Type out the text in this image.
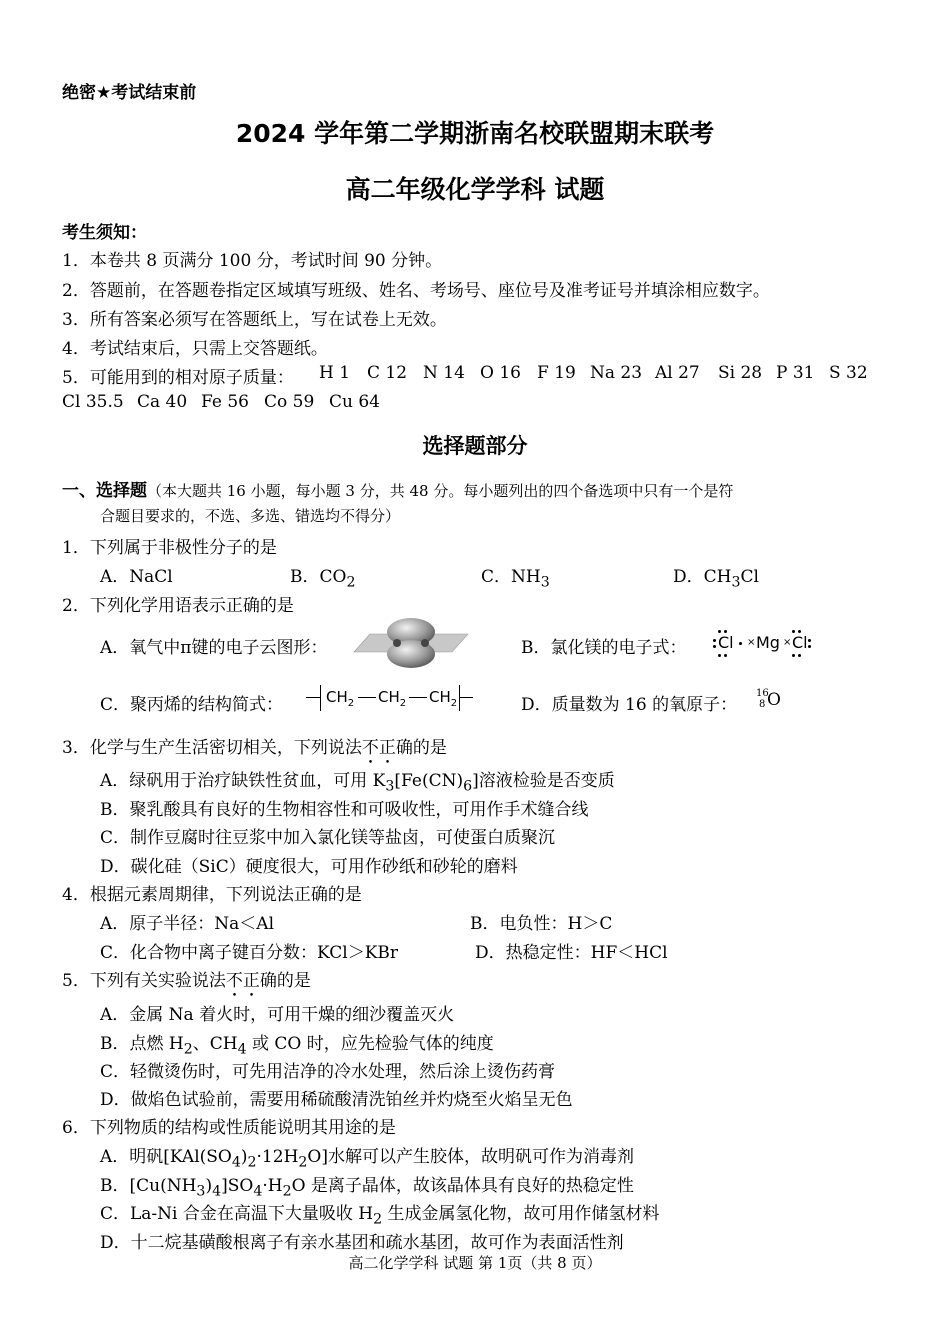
绝密★考试结束前
2024 学年第二学期浙南名校联盟期末联考
高二年级化学学科 试题
考生须知：
1．本卷共 8 页满分 100 分，考试时间 90 分钟。
2．答题前，在答题卷指定区域填写班级、姓名、考场号、座位号及准考证号并填涂相应数字。
3．所有答案必须写在答题纸上，写在试卷上无效。
4．考试结束后，只需上交答题纸。
5．可能用到的相对原子质量： H 1 C 12 N 14 O 16 F 19 Na 23 Al 27 Si 28 P 31 S 32
Cl 35.5 Ca 40 Fe 56 Co 59 Cu 64
选择题部分
一、选择题（本大题共 16 小题，每小题 3 分，共 48 分。每小题列出的四个备选项中只有一个是符
合题目要求的，不选、多选、错选均不得分）
1．下列属于非极性分子的是
A．NaCl	B．$CO_2$	C．$NH_3$	D．$CH_3Cl$
2．下列化学用语表示正确的是
A．氧气中π键的电子云图形：	B．氯化镁的电子式： Cl Mg Cl
×	×
C．聚丙烯的结构简式：	$CH_2$ $CH_2$ $CH_2$	D．质量数为 16 的氧原子：
16
8 O
3．化学与生产生活密切相关，下列说法不正确的是
A．绿矾用于治疗缺铁性贫血，可用 $K_3[Fe(CN)_6]$溶液检验是否变质
B．聚乳酸具有良好的生物相容性和可吸收性，可用作手术缝合线
C．制作豆腐时往豆浆中加入氯化镁等盐卤，可使蛋白质聚沉
D．碳化硅（SiC）硬度很大，可用作砂纸和砂轮的磨料
4．根据元素周期律，下列说法正确的是
A．原子半径：Na＜Al	B．电负性：H＞C
C．化合物中离子键百分数：KCl＞KBr	D．热稳定性：HF＜HCl
5．下列有关实验说法不正确的是
A．金属 Na 着火时，可用干燥的细沙覆盖灭火
B．点燃 $H_2$、$CH_4$ 或 CO 时，应先检验气体的纯度
C．轻微烫伤时，可先用洁净的冷水处理，然后涂上烫伤药膏
D．做焰色试验前，需要用稀硫酸清洗铂丝并灼烧至火焰呈无色
6．下列物质的结构或性质能说明其用途的是
A．明矾$[KAl(SO_4)_2\cdot 12H_2O]$水解可以产生胶体，故明矾可作为消毒剂
B．$[Cu(NH_3)_4]SO_4\cdot H_2O$ 是离子晶体，故该晶体具有良好的热稳定性
C．La-Ni 合金在高温下大量吸收 $H_2$ 生成金属氢化物，故可用作储氢材料
D．十二烷基磺酸根离子有亲水基团和疏水基团，故可作为表面活性剂
高二化学学科 试题 第 1页（共 8 页）
